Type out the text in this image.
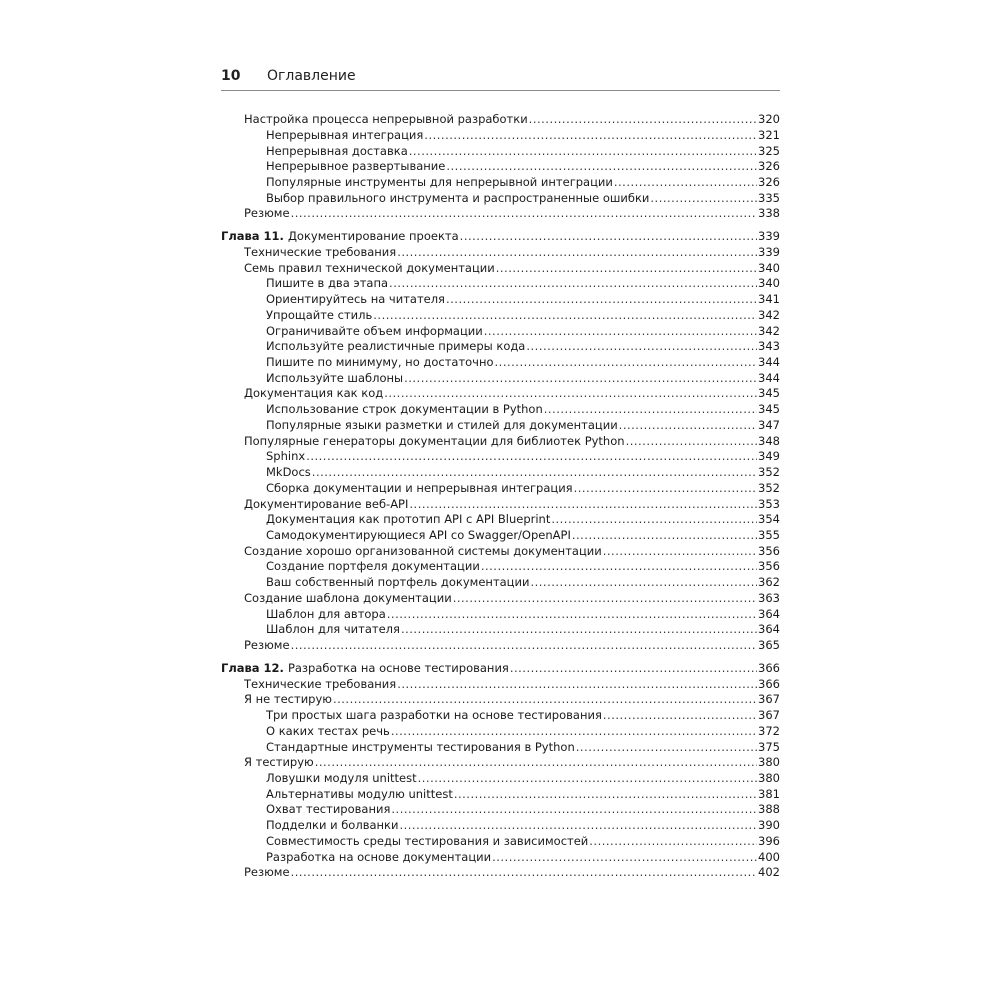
10 Оглавление
Настройка процесса непрерывной разработки .....	320
Непрерывная интеграция .....	321
Непрерывная доставка .....	325
Непрерывное развертывание .....	326
Популярные инструменты для непрерывной интеграции .....	326
Выбор правильного инструмента и распространенные ошибки .....	335
Резюме .....	338
Глава 11. Документирование проекта .....	339
Технические требования .....	339
Семь правил технической документации .....	340
Пишите в два этапа .....	340
Ориентируйтесь на читателя .....	341
Упрощайте стиль .....	342
Ограничивайте объем информации .....	342
Используйте реалистичные примеры кода .....	343
Пишите по минимуму, но достаточно .....	344
Используйте шаблоны .....	344
Документация как код .....	345
Использование строк документации в Python .....	345
Популярные языки разметки и стилей для документации .....	347
Популярные генераторы документации для библиотек Python .....	348
Sphinx .....	349
MkDocs .....	352
Сборка документации и непрерывная интеграция .....	352
Документирование веб-API .....	353
Документация как прототип API с API Blueprint .....	354
Самодокументирующиеся API со Swagger/OpenAPI .....	355
Создание хорошо организованной системы документации .....	356
Создание портфеля документации .....	356
Ваш собственный портфель документации .....	362
Создание шаблона документации .....	363
Шаблон для автора .....	364
Шаблон для читателя .....	364
Резюме .....	365
Глава 12. Разработка на основе тестирования .....	366
Технические требования .....	366
Я не тестирую .....	367
Три простых шага разработки на основе тестирования .....	367
О каких тестах речь .....	372
Стандартные инструменты тестирования в Python .....	375
Я тестирую .....	380
Ловушки модуля unittest .....	380
Альтернативы модулю unittest .....	381
Охват тестирования .....	388
Подделки и болванки .....	390
Совместимость среды тестирования и зависимостей .....	396
Разработка на основе документации .....	400
Резюме .....	402
